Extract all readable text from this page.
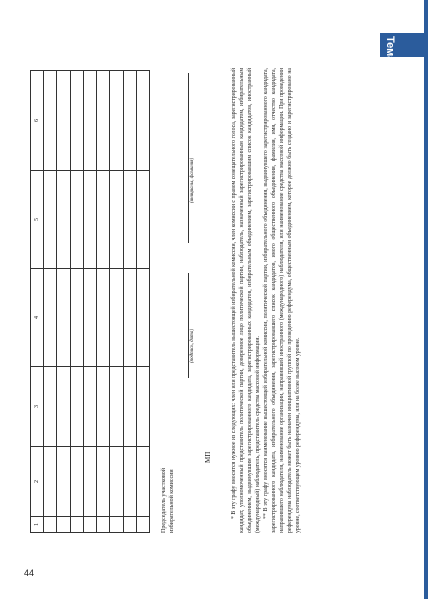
Тема № 6.8
44
1	2	3	4	5	6

Председатель участковой избирательной комиссии
(подпись, дата)
(инициалы, фамилия)
МП	* В эту графу вносится нужное из следующих: член или представитель вышестоящей избирательной комиссии, член комиссии с правом совещательного голоса, зарегистрированный кандидат, уполномоченный представитель политической партии, доверенное лицо политической партии, наблюдатель, назначенный зарегистрированным кандидатом, избирательным объединением, выдвинувшим зарегистрированного кандидата, зарегистрированных кандидатов, избирательным объединением, зарегистрировавшим список кандидатов, иностранный (международный) наблюдатель, представитель средства массовой информации. ** В эту графу вносятся наименование вышестоящей избирательной комиссии, политической партии, избирательного объединения, выдвинувшего зарегистрированного кандидата, зарегистрированного кандидата, избирательного объединения, зарегистрировавшего список кандидатов, иного общественного объединения, фамилия, имя, отчество кандидата, направившего наблюдателя, наименование организации, направившей иностранного (международного) наблюдателя, или наименование средства массовой информации. При проведении референдума наблюдатель может быть назначен инициативной группой по проведению референдума, общественным объединением, которое должно быть создано и зарегистрировано на уровне, соответствующем уровню референдума, или на более высоком уровне.
